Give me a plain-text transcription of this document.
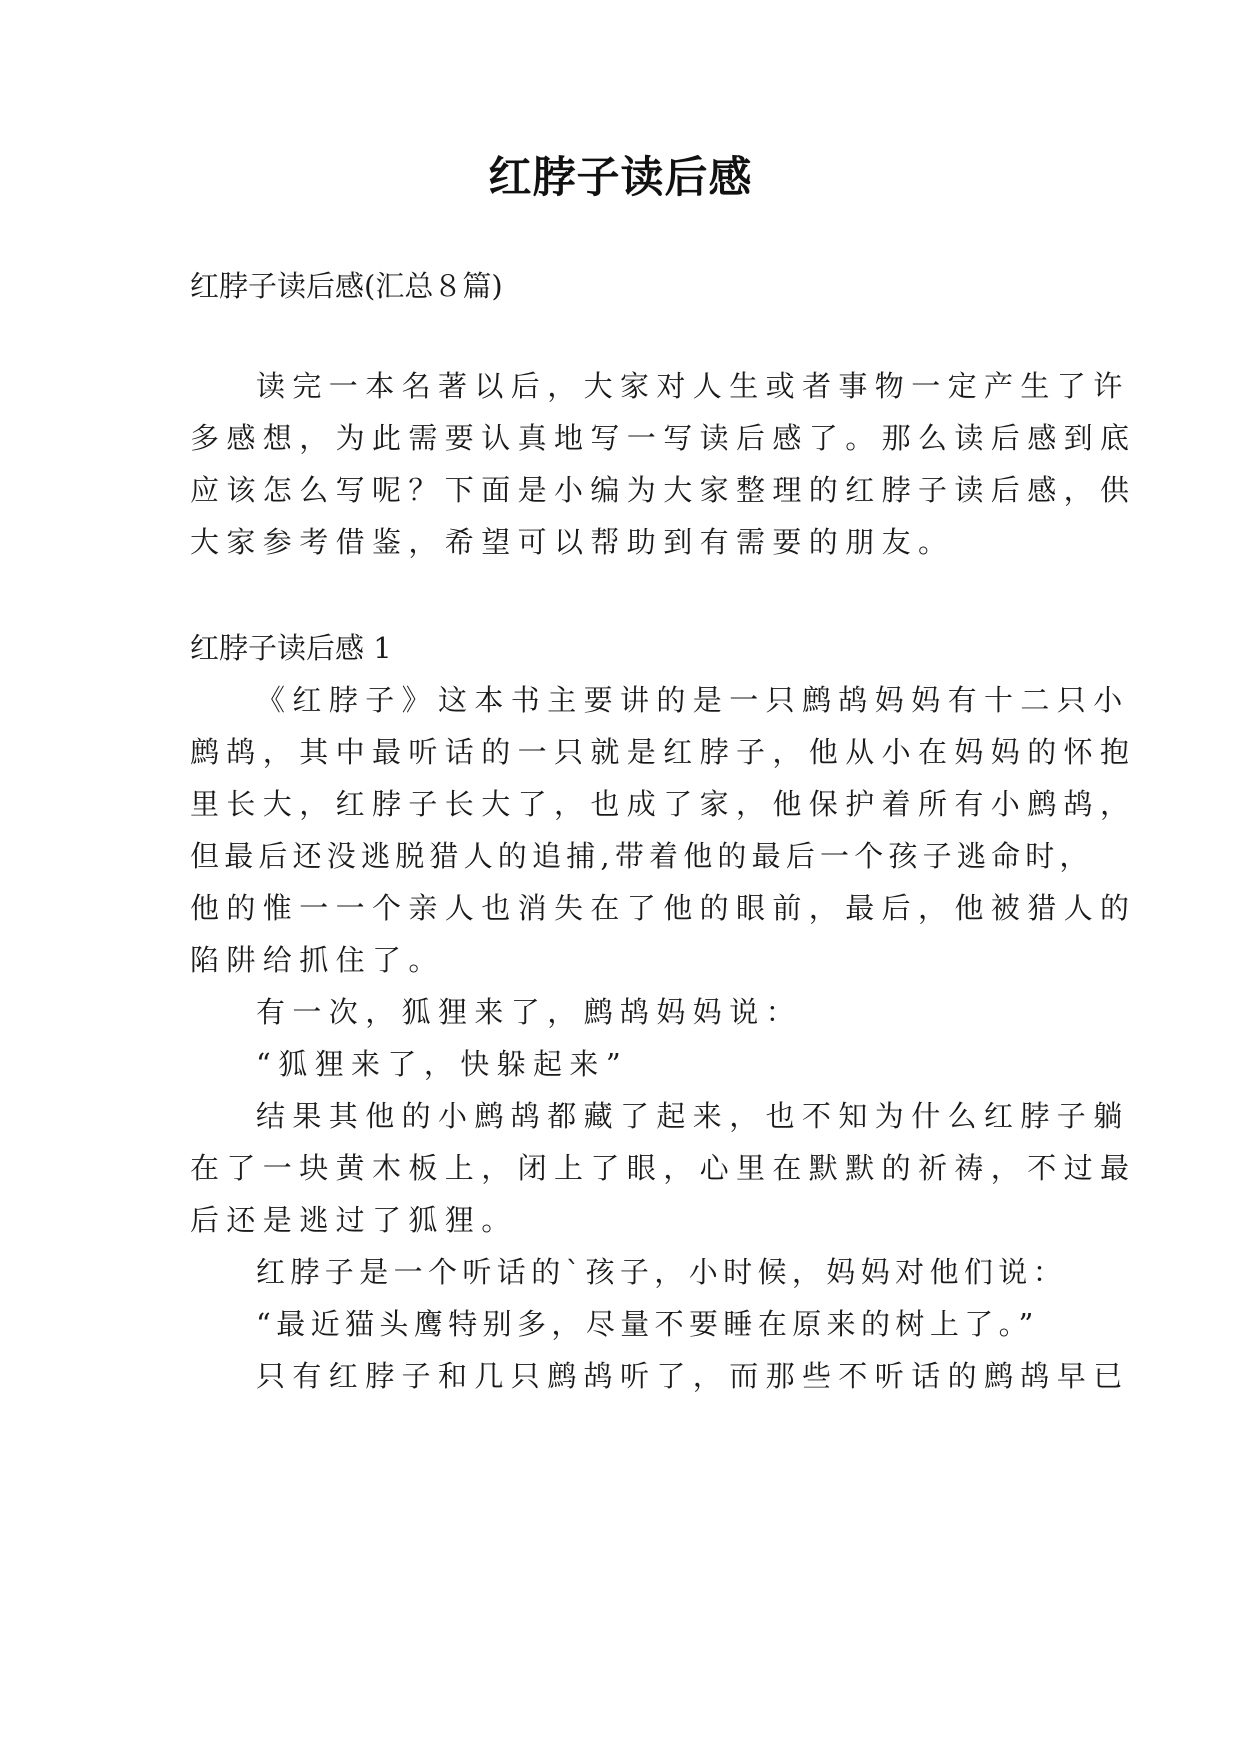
红脖子读后感
红脖子读后感(汇总８篇)
读完一本名著以后，大家对人生或者事物一定产生了许
多感想，为此需要认真地写一写读后感了。那么读后感到底
应该怎么写呢？下面是小编为大家整理的红脖子读后感，供
大家参考借鉴，希望可以帮助到有需要的朋友。
红脖子读后感 1
《红脖子》这本书主要讲的是一只鹧鸪妈妈有十二只小
鹧鸪，其中最听话的一只就是红脖子，他从小在妈妈的怀抱
里长大，红脖子长大了，也成了家，他保护着所有小鹧鸪，
但最后还没逃脱猎人的追捕,带着他的最后一个孩子逃命时，
他的惟一一个亲人也消失在了他的眼前，最后，他被猎人的
陷阱给抓住了。
有一次，狐狸来了，鹧鸪妈妈说：
“狐狸来了，快躲起来”
结果其他的小鹧鸪都藏了起来，也不知为什么红脖子躺
在了一块黄木板上，闭上了眼，心里在默默的祈祷，不过最
后还是逃过了狐狸。
红脖子是一个听话的`孩子，小时候，妈妈对他们说：
“最近猫头鹰特别多，尽量不要睡在原来的树上了。”
只有红脖子和几只鹧鸪听了，而那些不听话的鹧鸪早已
